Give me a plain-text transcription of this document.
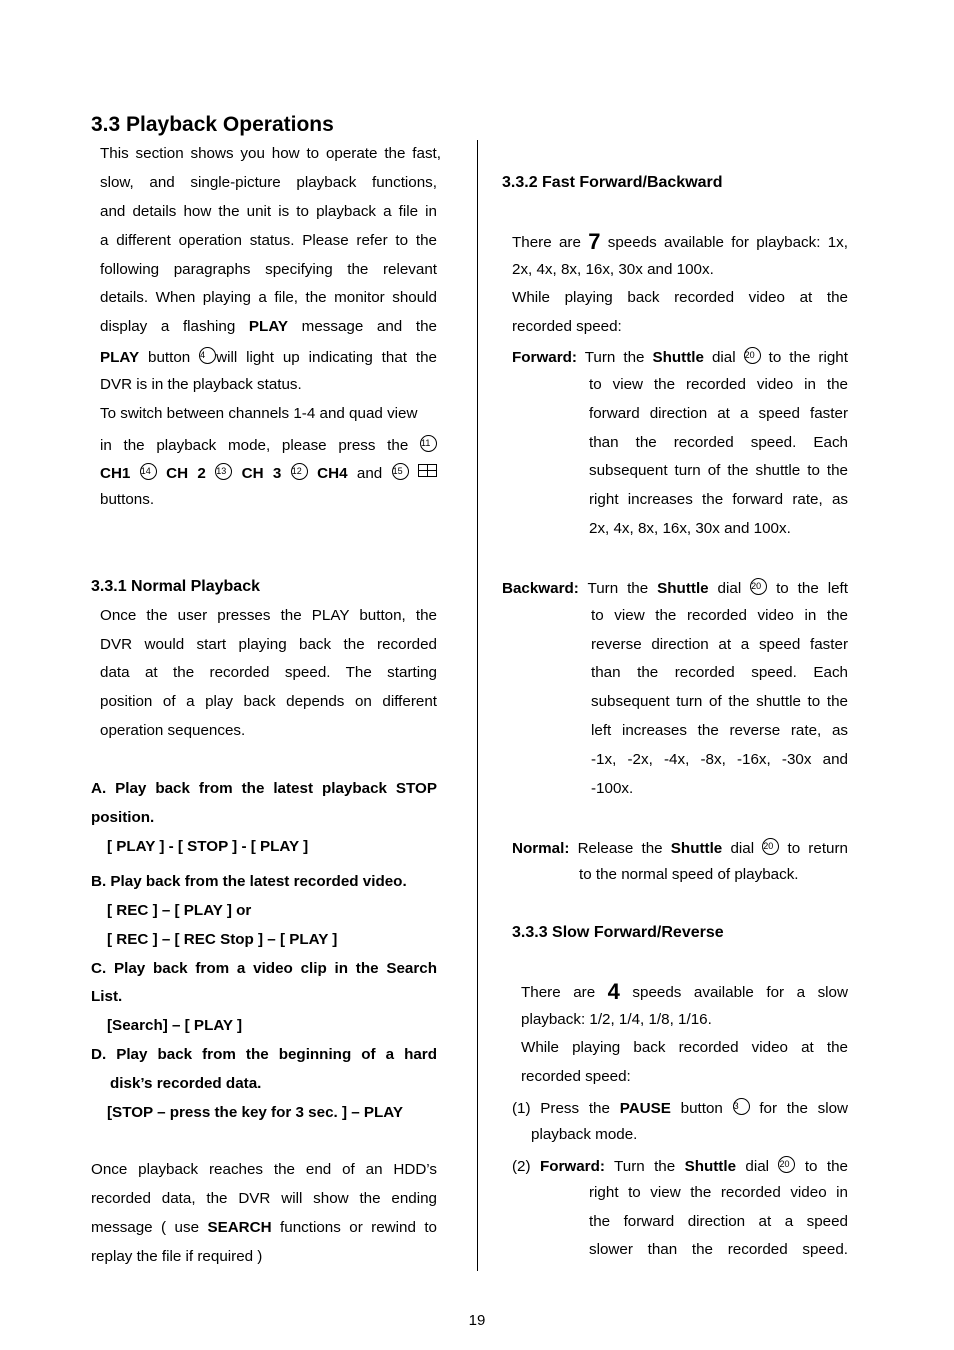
3.3 Playback Operations
This section shows you how to operate the fast,
slow, and single-picture playback functions,
and details how the unit is to playback a file in
a different operation status. Please refer to the
following paragraphs specifying the relevant
details. When playing a file, the monitor should
display a flashing PLAY message and the
PLAY button 4 will light up indicating that the
DVR is in the playback status.
To switch between channels 1-4 and quad view
in the playback mode, please press the 11
CH1 14 CH 2 13 CH 3 12 CH4 and 15
buttons.
3.3.1 Normal Playback
Once the user presses the PLAY button, the
DVR would start playing back the recorded
data at the recorded speed. The starting
position of a play back depends on different
operation sequences.
A. Play back from the latest playback STOP
position.
[ PLAY ] - [ STOP ] - [ PLAY ]
B. Play back from the latest recorded video.
[ REC ] – [ PLAY ] or
[ REC ] – [ REC Stop ] – [ PLAY ]
C. Play back from a video clip in the Search
List.
[Search] – [ PLAY ]
D. Play back from the beginning of a hard
disk’s recorded data.
[STOP – press the key for 3 sec. ] – PLAY
Once playback reaches the end of an HDD’s
recorded data, the DVR will show the ending
message ( use SEARCH functions or rewind to
replay the file if required )
3.3.2 Fast Forward/Backward
There are 7 speeds available for playback: 1x,
2x, 4x, 8x, 16x, 30x and 100x.
While playing back recorded video at the
recorded speed:
Forward: Turn the Shuttle dial 20 to the right
to view the recorded video in the
forward direction at a speed faster
than the recorded speed. Each
subsequent turn of the shuttle to the
right increases the forward rate, as
2x, 4x, 8x, 16x, 30x and 100x.
Backward: Turn the Shuttle dial 20 to the left
to view the recorded video in the
reverse direction at a speed faster
than the recorded speed. Each
subsequent turn of the shuttle to the
left increases the reverse rate, as
-1x, -2x, -4x, -8x, -16x, -30x and
-100x.
Normal: Release the Shuttle dial 20 to return
to the normal speed of playback.
3.3.3 Slow Forward/Reverse
There are 4 speeds available for a slow
playback: 1/2, 1/4, 1/8, 1/16.
While playing back recorded video at the
recorded speed:
(1) Press the PAUSE button 3 for the slow
playback mode.
(2) Forward: Turn the Shuttle dial 20 to the
right to view the recorded video in
the forward direction at a speed
slower than the recorded speed.
19
